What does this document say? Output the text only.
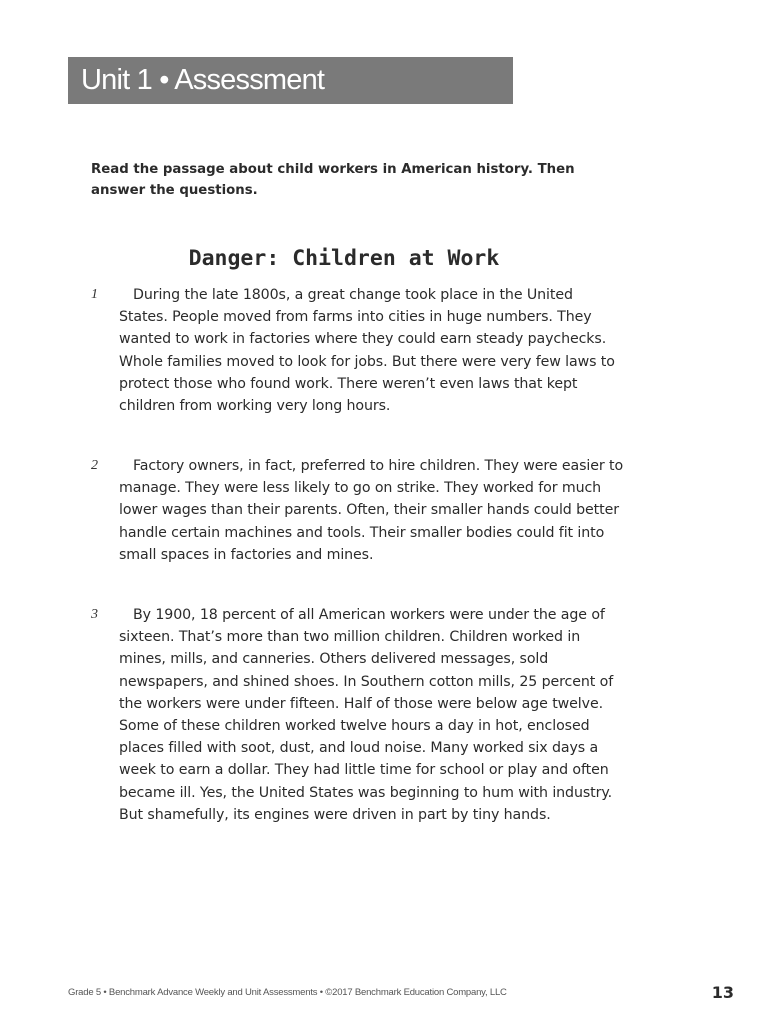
Unit 1 • Assessment
Read the passage about child workers in American history. Then answer the questions.
Danger: Children at Work
1	During the late 1800s, a great change took place in the United States. People moved from farms into cities in huge numbers. They wanted to work in factories where they could earn steady paychecks. Whole families moved to look for jobs. But there were very few laws to protect those who found work. There weren’t even laws that kept children from working very long hours.
2	Factory owners, in fact, preferred to hire children. They were easier to manage. They were less likely to go on strike. They worked for much lower wages than their parents. Often, their smaller hands could better handle certain machines and tools. Their smaller bodies could fit into small spaces in factories and mines.
3	By 1900, 18 percent of all American workers were under the age of sixteen. That’s more than two million children. Children worked in mines, mills, and canneries. Others delivered messages, sold newspapers, and shined shoes. In Southern cotton mills, 25 percent of the workers were under fifteen. Half of those were below age twelve. Some of these children worked twelve hours a day in hot, enclosed places filled with soot, dust, and loud noise. Many worked six days a week to earn a dollar. They had little time for school or play and often became ill. Yes, the United States was beginning to hum with industry. But shamefully, its engines were driven in part by tiny hands.
Grade 5 • Benchmark Advance Weekly and Unit Assessments • ©2017 Benchmark Education Company, LLC	13
